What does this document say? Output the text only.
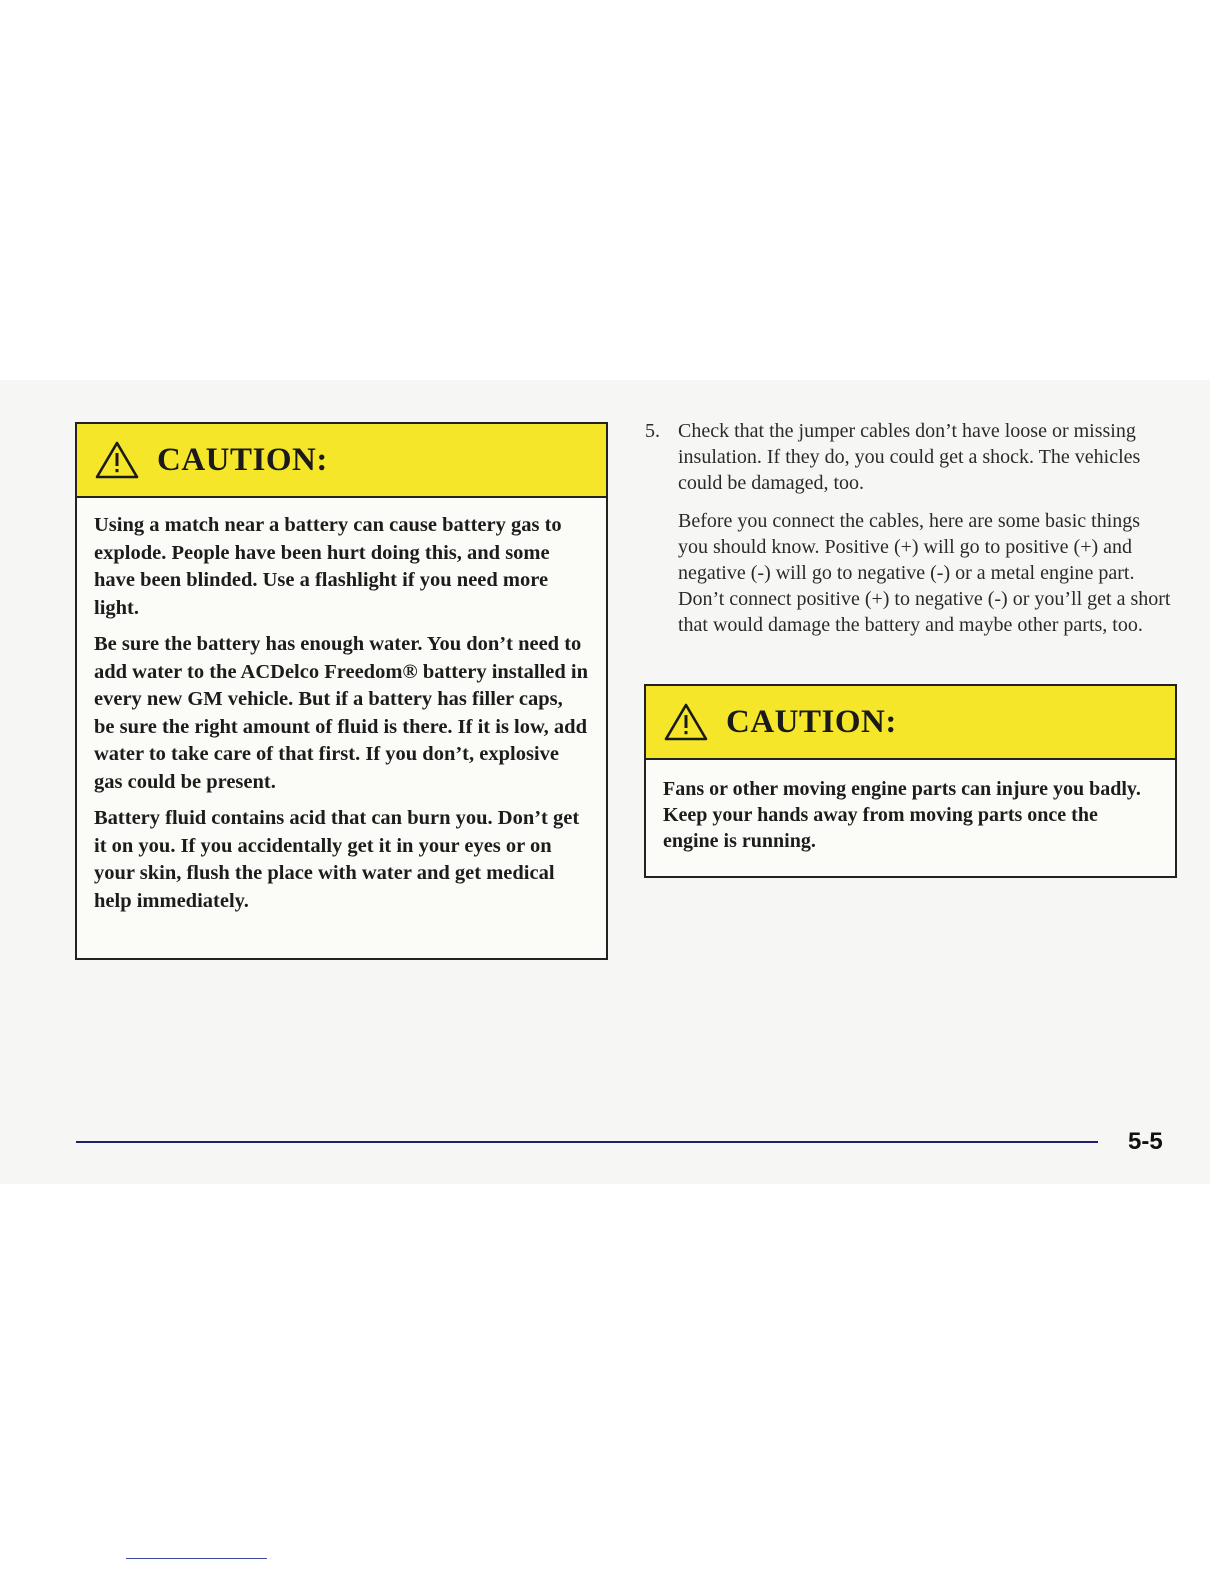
CAUTION:

Using a match near a battery can cause battery gas to explode. People have been hurt doing this, and some have been blinded. Use a flashlight if you need more light.

Be sure the battery has enough water. You don’t need to add water to the ACDelco Freedom® battery installed in every new GM vehicle. But if a battery has filler caps, be sure the right amount of fluid is there. If it is low, add water to take care of that first. If you don’t, explosive gas could be present.

Battery fluid contains acid that can burn you. Don’t get it on you. If you accidentally get it in your eyes or on your skin, flush the place with water and get medical help immediately.

5. Check that the jumper cables don’t have loose or missing insulation. If they do, you could get a shock. The vehicles could be damaged, too.
Before you connect the cables, here are some basic things you should know. Positive (+) will go to positive (+) and negative (-) will go to negative (-) or a metal engine part. Don’t connect positive (+) to negative (-) or you’ll get a short that would damage the battery and maybe other parts, too.
CAUTION:

Fans or other moving engine parts can injure you badly. Keep your hands away from moving parts once the engine is running.

5-5
